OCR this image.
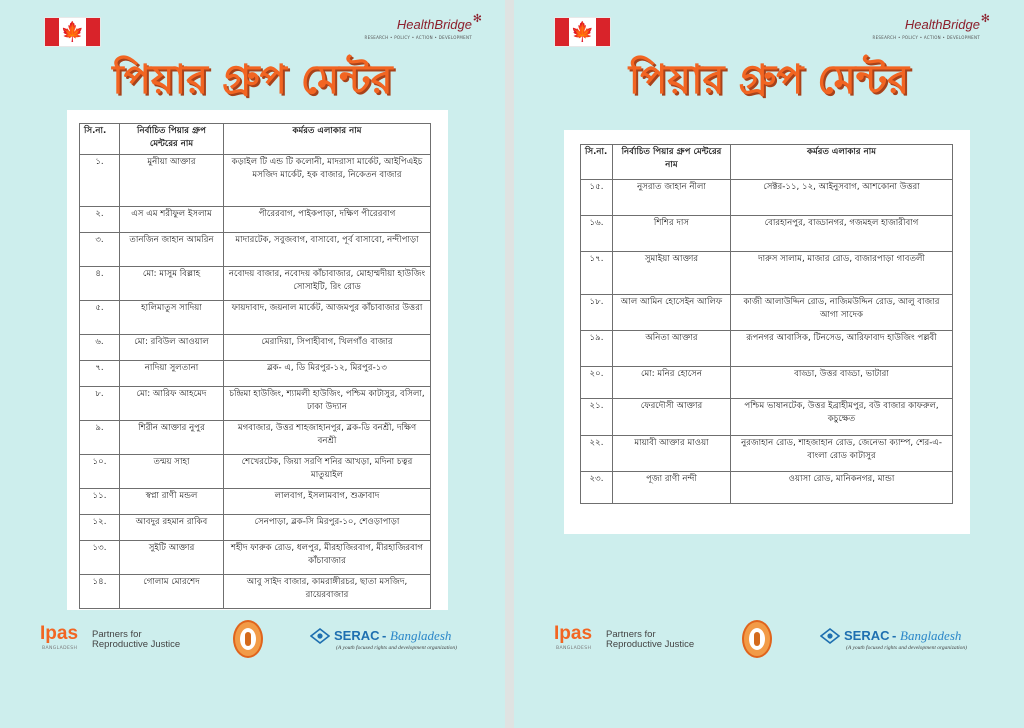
🍁	HealthBridge ✻
RESEARCH • POLICY • ACTION • DEVELOPMENT
পিয়ার গ্রুপ মেন্টর
সি.না.	নির্বাচিত পিয়ার গ্রুপ মেন্টরের নাম	কর্মরত এলাকার নাম
১.	মুনীয়া আক্তার	কড়াইল টি এন্ড টি কলোনী, মাদরাসা মার্কেট, আইপিএইচ মসজিদ মার্কেট, হক বাজার, নিকেতন বাজার
২.	এস এম শরীফুল ইসলাম	পীরেরবাগ, পাইকপাড়া, দক্ষিণ পীরেরবাগ
৩.	তানজিন জাহান আমরিন	মাদারটেক, সবুজবাগ, বাসাবো, পূর্ব বাসাবো, নন্দীপাড়া
৪.	মো: মাসুম বিল্লাহ	নবোদয় বাজার, নবোদয় কাঁচাবাজার, মোহাম্মদীয়া হাউজিং সোসাইটি, রিং রোড
৫.	হালিমাতুস সাদিয়া	ফায়দাবাদ, জয়নাল মার্কেট, আজমপুর কাঁচাবাজার উত্তরা
৬.	মো: রবিউল আওয়াল	মেরাদিয়া, সিপাহীবাগ, খিলগাঁও বাজার
৭.	নাদিয়া সুলতানা	ব্লক- এ, ডি মিরপুর-১২, মিরপুর-১৩
৮.	মো: আরিফ আহমেদ	চন্দ্রিমা হাউজিং, শ্যামলী হাউজিং, পশ্চিম কাটাসুর, বসিলা, ঢাকা উদ্যান
৯.	শিরীন আক্তার নুপুর	মগবাজার, উত্তর শাহজাহানপুর, ব্লক-ডি বনশ্রী, দক্ষিণ বনশ্রী
১০.	তন্ময় সাহা	শেখেরটেক, জিয়া সরণি শনির আখড়া, মদিনা চত্বর মাতুয়াইল
১১.	স্বপ্না রাণী মন্ডল	লালবাগ, ইসলামবাগ, শুক্রাবাদ
১২.	আবদুর রহমান রাকিব	সেনপাড়া, ব্লক-সি মিরপুর-১০, শেওড়াপাড়া
১৩.	সুইটি আক্তার	শহীদ ফারুক রোড, ধলপুর, মীরহাজিরবাগ, মীরহাজিরবাগ কাঁচাবাজার
১৪.	গোলাম মোরশেদ	আবু সাইদ বাজার, কামরাঙ্গীরচর, ছাতা মসজিদ, রায়েরবাজার
Ipas
BANGLADESH
Partners for
Reproductive Justice
SERAC - Bangladesh
(A youth focused rights and development organization)
🍁	HealthBridge ✻
RESEARCH • POLICY • ACTION • DEVELOPMENT
পিয়ার গ্রুপ মেন্টর
সি.না.	নির্বাচিত পিয়ার গ্রুপ মেন্টরের নাম	কর্মরত এলাকার নাম
১৫.	নুসরাত জাহান নীলা	সেক্টর-১১, ১২, আইনুসবাগ, আশকোনা উত্তরা
১৬.	শিশির দাস	বোরহানপুর, বাড্ডানগর, গজমহল হাজারীবাগ
১৭.	সুমাইয়া আক্তার	দারুস সালাম, মাজার রোড, বাজারপাড়া গাবতলী
১৮.	আল আমিন হোসেইন আলিফ	কাজী আলাউদ্দিন রোড, নাজিমউদ্দিন রোড, আলু বাজার আগা সাদেক
১৯.	অনিতা আক্তার	রূপনগর আবাসিক, টিনসেড, আরিফাবাদ হাউজিং পল্লবী
২০.	মো: মনির হোসেন	বাড্ডা, উত্তর বাড্ডা, ভাটারা
২১.	ফেরদৌসী আক্তার	পশ্চিম ভাষানটেক, উত্তর ইব্রাহীমপুর, বউ বাজার কাফরুল, কচুক্ষেত
২২.	মায়াবী আক্তার মাওয়া	নুরজাহান রোড, শাহজাহান রোড, জেনেভা ক্যাম্প, শের-এ-বাংলা রোড কাটাসুর
২৩.	পূজা রাণী নন্দী	ওয়াসা রোড, মানিকনগর, মান্ডা
Ipas
BANGLADESH
Partners for
Reproductive Justice
SERAC - Bangladesh
(A youth focused rights and development organization)
